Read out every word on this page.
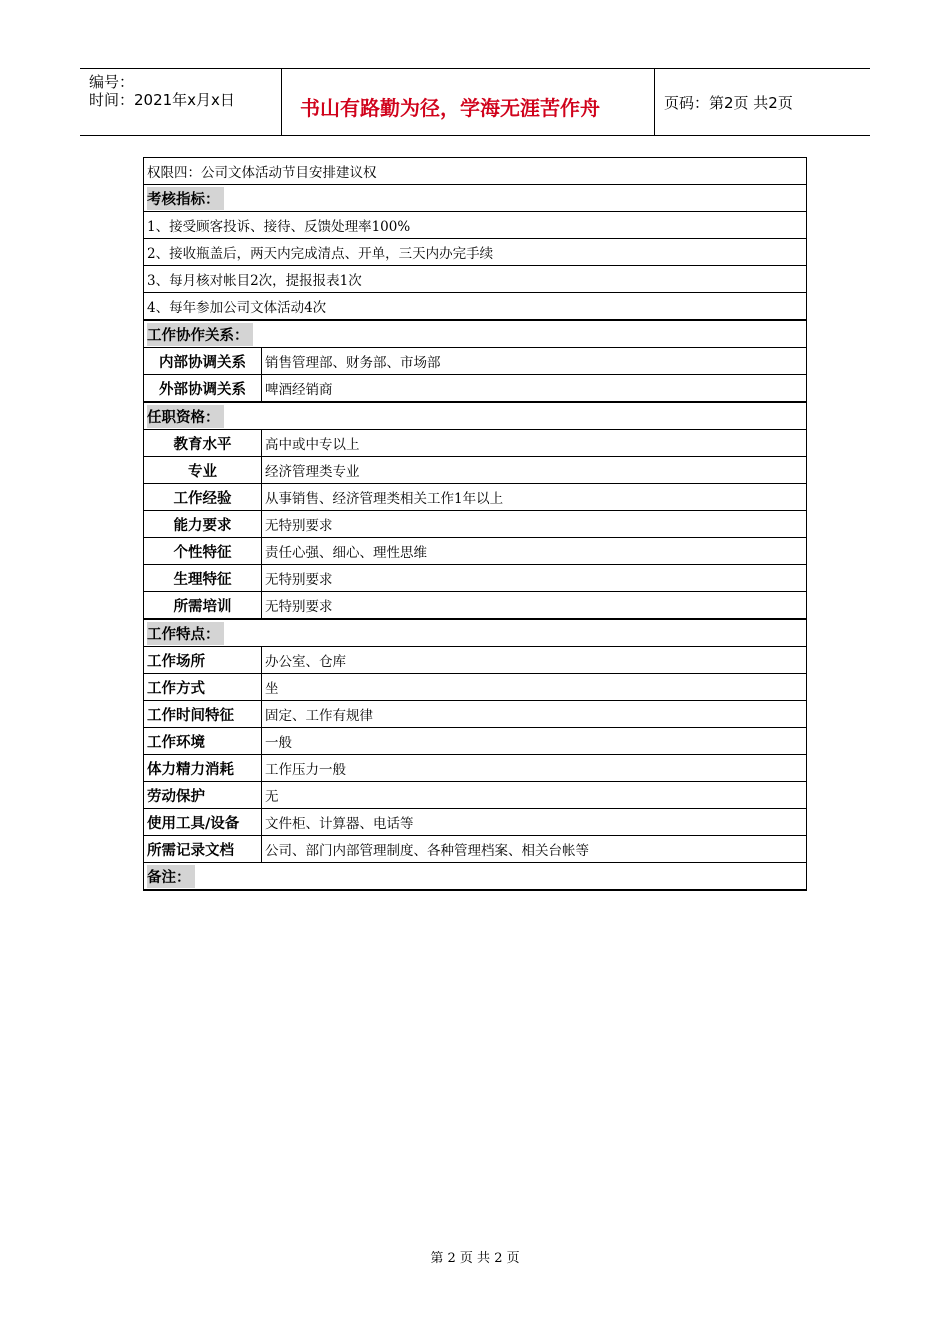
编号：
时间：2021年x月x日	书山有路勤为径，学海无涯苦作舟	页码：第2页 共2页
权限四：公司文体活动节目安排建议权	
考核指标：	
1、接受顾客投诉、接待、反馈处理率100%	
2、接收瓶盖后，两天内完成清点、开单，三天内办完手续	
3、每月核对帐目2次，提报报表1次	
4、每年参加公司文体活动4次	
工作协作关系：	
内部协调关系	销售管理部、财务部、市场部
外部协调关系	啤酒经销商
任职资格：	
教育水平	高中或中专以上
专业	经济管理类专业
工作经验	从事销售、经济管理类相关工作1年以上
能力要求	无特别要求
个性特征	责任心强、细心、理性思维
生理特征	无特别要求
所需培训	无特别要求
工作特点：	
工作场所	办公室、仓库
工作方式	坐
工作时间特征	固定、工作有规律
工作环境	一般
体力精力消耗	工作压力一般
劳动保护	无
使用工具/设备	文件柜、计算器、电话等
所需记录文档	公司、部门内部管理制度、各种管理档案、相关台帐等
备注：	
第 2 页 共 2 页
